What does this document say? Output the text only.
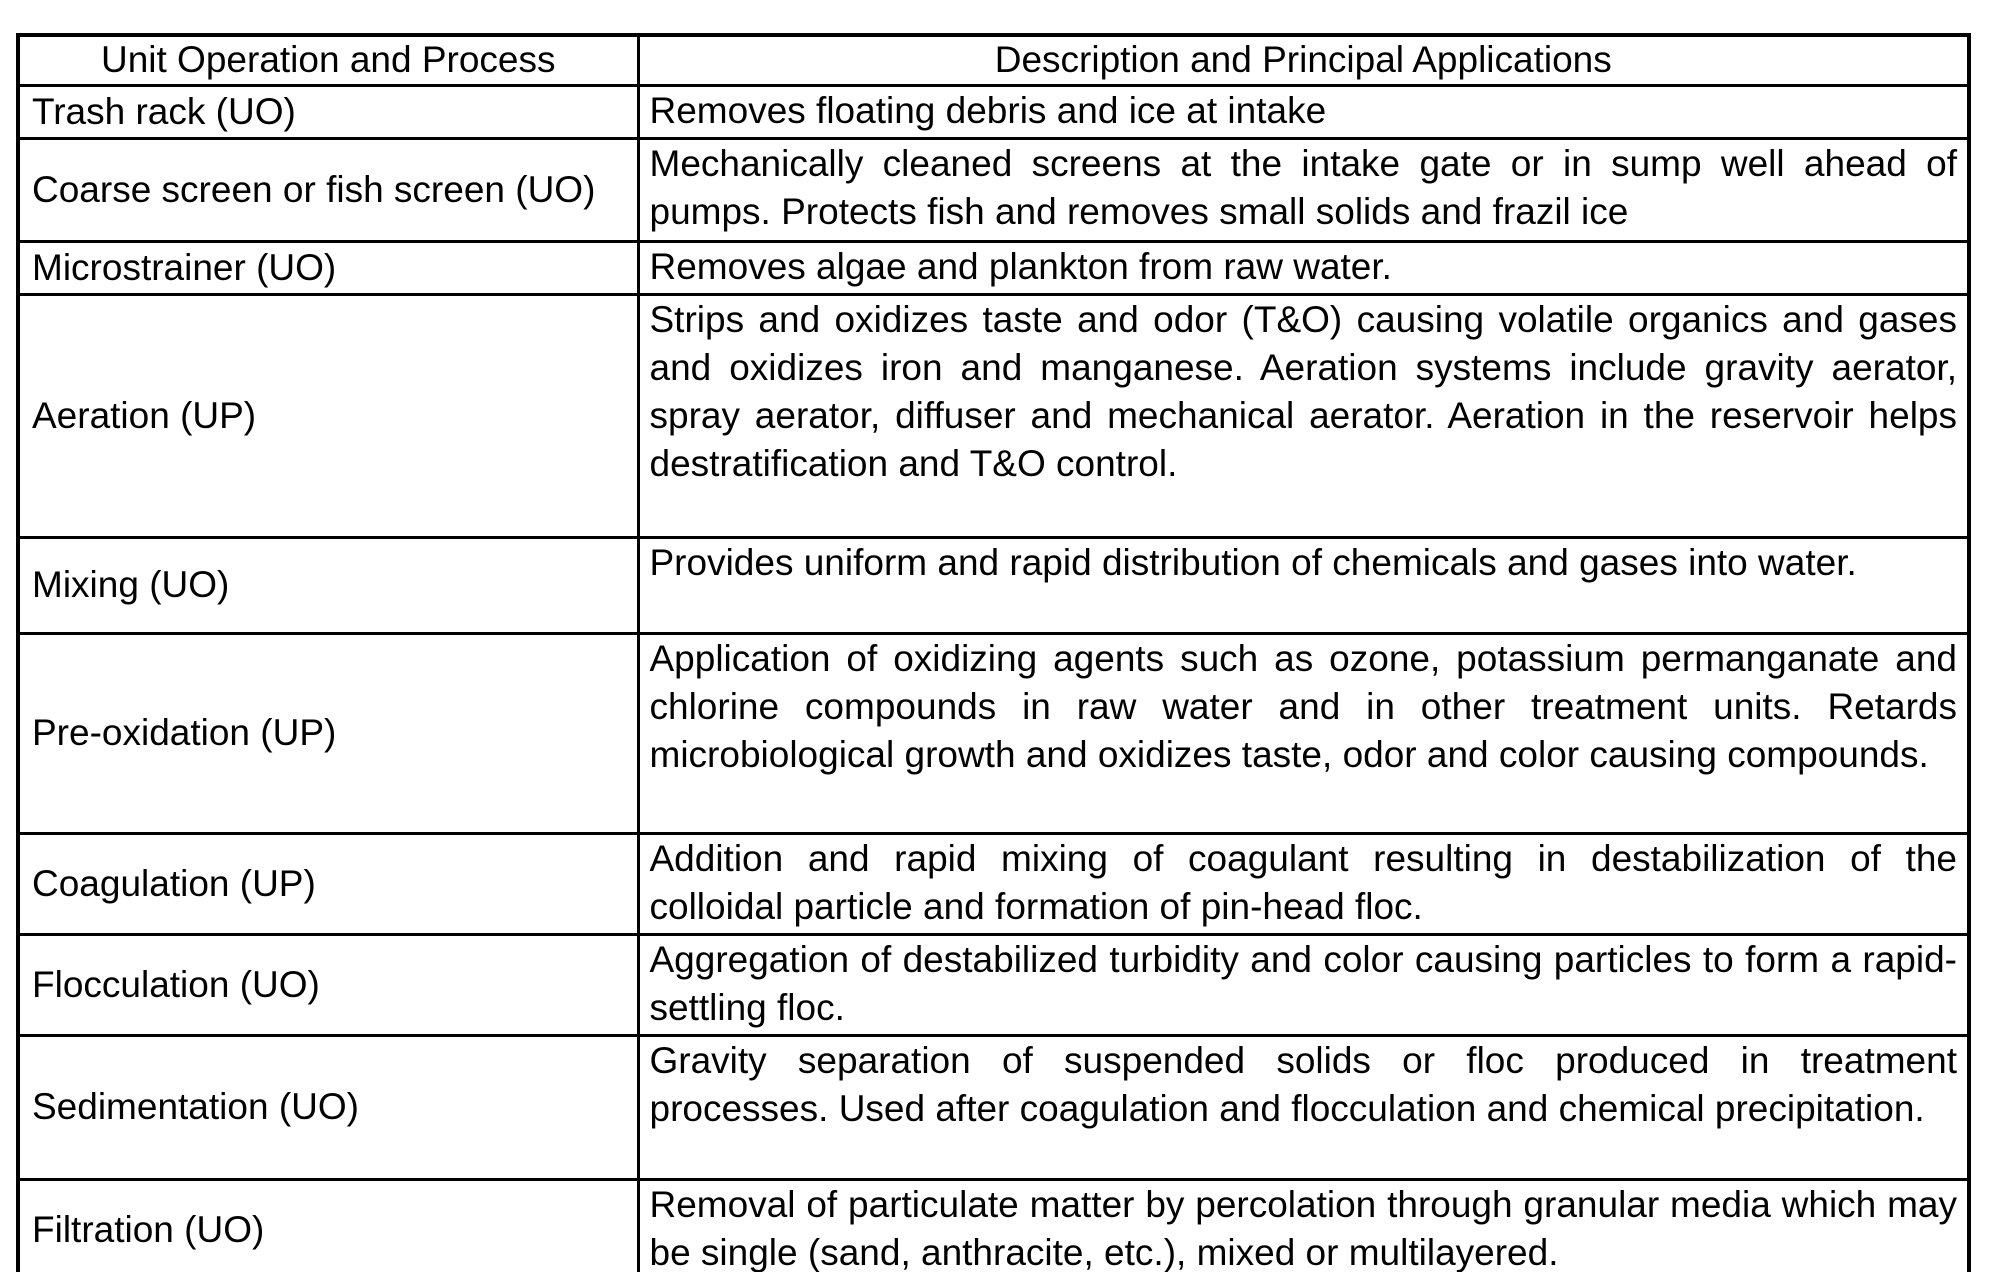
Unit Operation and Process	Description and Principal Applications
Trash rack (UO)	Removes floating debris and ice at intake
Coarse screen or fish screen (UO)	Mechanically cleaned screens at the intake gate or in sump well ahead of pumps. Protects fish and removes small solids and frazil ice
Microstrainer (UO)	Removes algae and plankton from raw water.
Aeration (UP)	Strips and oxidizes taste and odor (T&O) causing volatile organics and gases and oxidizes iron and manganese. Aeration systems include gravity aerator, spray aerator, diffuser and mechanical aerator. Aeration in the reservoir helps destratification and T&O control.
Mixing (UO)	Provides uniform and rapid distribution of chemicals and gases into water.
Pre-oxidation (UP)	Application of oxidizing agents such as ozone, potassium permanganate and chlorine compounds in raw water and in other treatment units. Retards microbiological growth and oxidizes taste, odor and color causing compounds.
Coagulation (UP)	Addition and rapid mixing of coagulant resulting in destabilization of the colloidal particle and formation of pin-head floc.
Flocculation (UO)	Aggregation of destabilized turbidity and color causing particles to form a rapid-settling floc.
Sedimentation (UO)	Gravity separation of suspended solids or floc produced in treatment processes. Used after coagulation and flocculation and chemical precipitation.
Filtration (UO)	Removal of particulate matter by percolation through granular media which may be single (sand, anthracite, etc.), mixed or multilayered.
